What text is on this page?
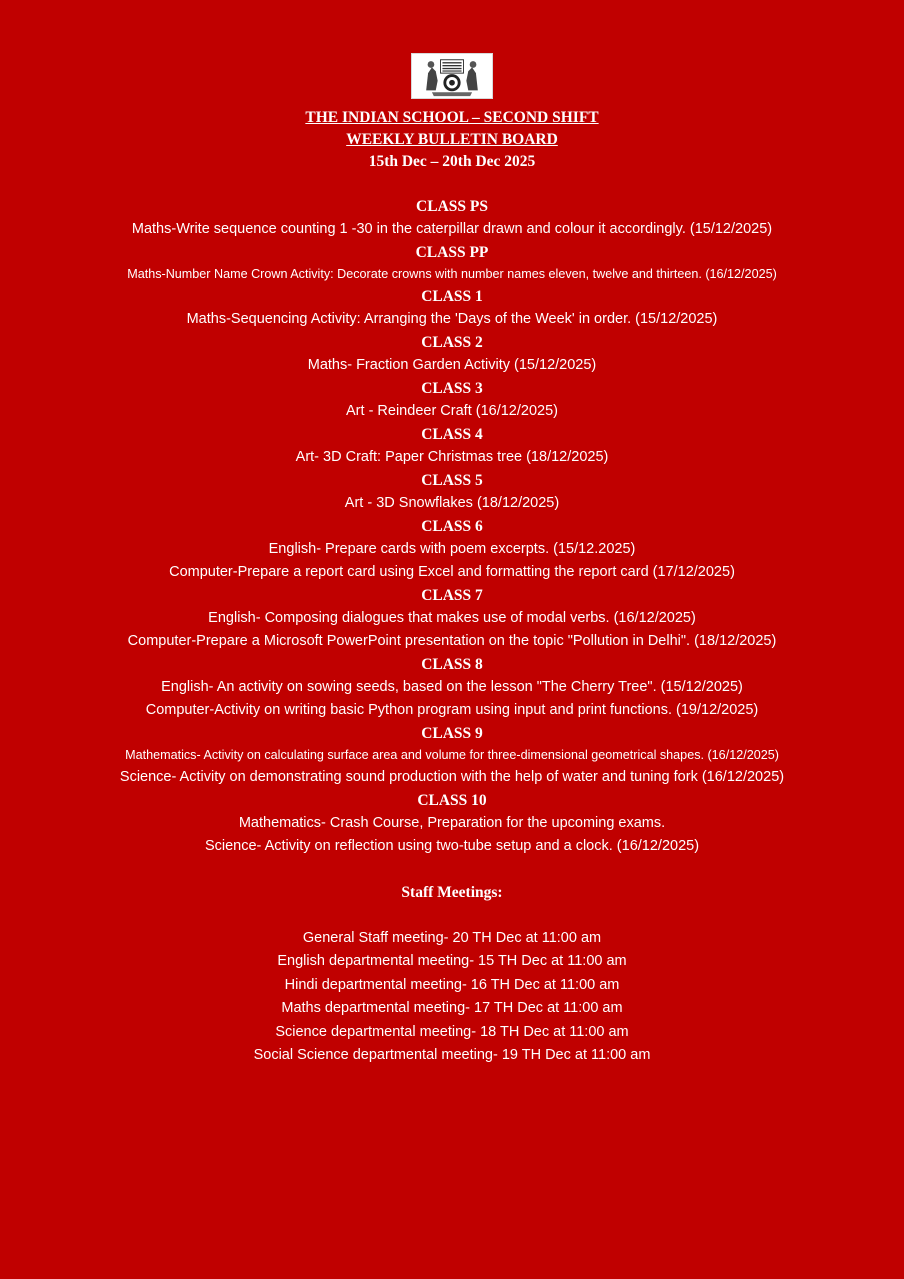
THE INDIAN SCHOOL – SECOND SHIFT
WEEKLY BULLETIN BOARD
15th Dec – 20th Dec 2025
CLASS PS
Maths-Write sequence counting 1 -30 in the caterpillar drawn and colour it accordingly. (15/12/2025)
CLASS PP
Maths-Number Name Crown Activity: Decorate crowns with number names eleven, twelve and thirteen. (16/12/2025)
CLASS 1
Maths-Sequencing Activity: Arranging the 'Days of the Week' in order. (15/12/2025)
CLASS 2
Maths- Fraction Garden Activity (15/12/2025)
CLASS 3
Art - Reindeer Craft (16/12/2025)
CLASS 4
Art- 3D Craft: Paper Christmas tree (18/12/2025)
CLASS 5
Art - 3D Snowflakes (18/12/2025)
CLASS 6
English- Prepare cards with poem excerpts. (15/12.2025)
Computer-Prepare a report card using Excel and formatting the report card (17/12/2025)
CLASS 7
English- Composing dialogues that makes use of modal verbs. (16/12/2025)
Computer-Prepare a Microsoft PowerPoint presentation on the topic "Pollution in Delhi". (18/12/2025)
CLASS 8
English- An activity on sowing seeds, based on the lesson "The Cherry Tree". (15/12/2025)
Computer-Activity on writing basic Python program using input and print functions. (19/12/2025)
CLASS 9
Mathematics- Activity on calculating surface area and volume for three-dimensional geometrical shapes. (16/12/2025)
Science- Activity on demonstrating sound production with the help of water and tuning fork (16/12/2025)
CLASS 10
Mathematics- Crash Course, Preparation for the upcoming exams.
Science- Activity on reflection using two-tube setup and a clock. (16/12/2025)
Staff Meetings:
General Staff meeting- 20 TH Dec at 11:00 am
English departmental meeting- 15 TH Dec at 11:00 am
Hindi departmental meeting- 16 TH Dec at 11:00 am
Maths departmental meeting- 17 TH Dec at 11:00 am
Science departmental meeting- 18 TH Dec at 11:00 am
Social Science departmental meeting- 19 TH Dec at 11:00 am
